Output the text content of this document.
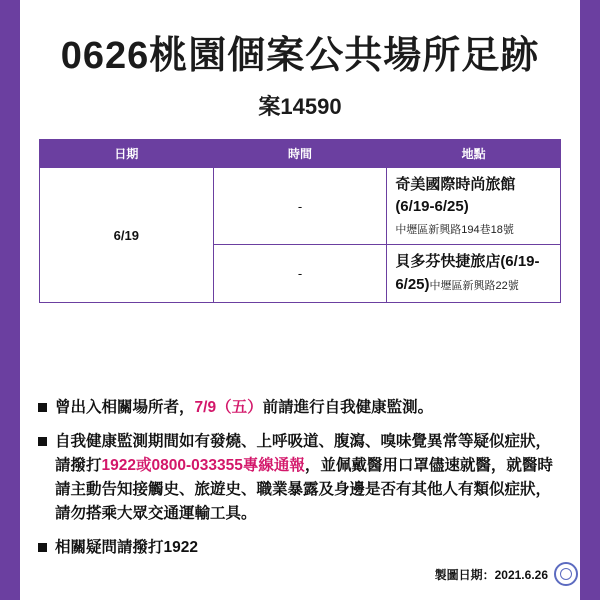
0626桃園個案公共場所足跡
案14590
日期	時間	地點
6/19	-	奇美國際時尚旅館(6/19-6/25)
中壢區新興路194巷18號

	-	貝多芬快捷旅店(6/19-6/25)中壢區新興路22號
曾出入相關場所者，7/9（五）前請進行自我健康監測。
自我健康監測期間如有發燒、上呼吸道、腹瀉、嗅味覺異常等疑似症狀，請撥打1922或0800-033355專線通報，並佩戴醫用口罩儘速就醫，就醫時請主動告知接觸史、旅遊史、職業暴露及身邊是否有其他人有類似症狀，請勿搭乘大眾交通運輸工具。
相關疑問請撥打1922
製圖日期：2021.6.26
